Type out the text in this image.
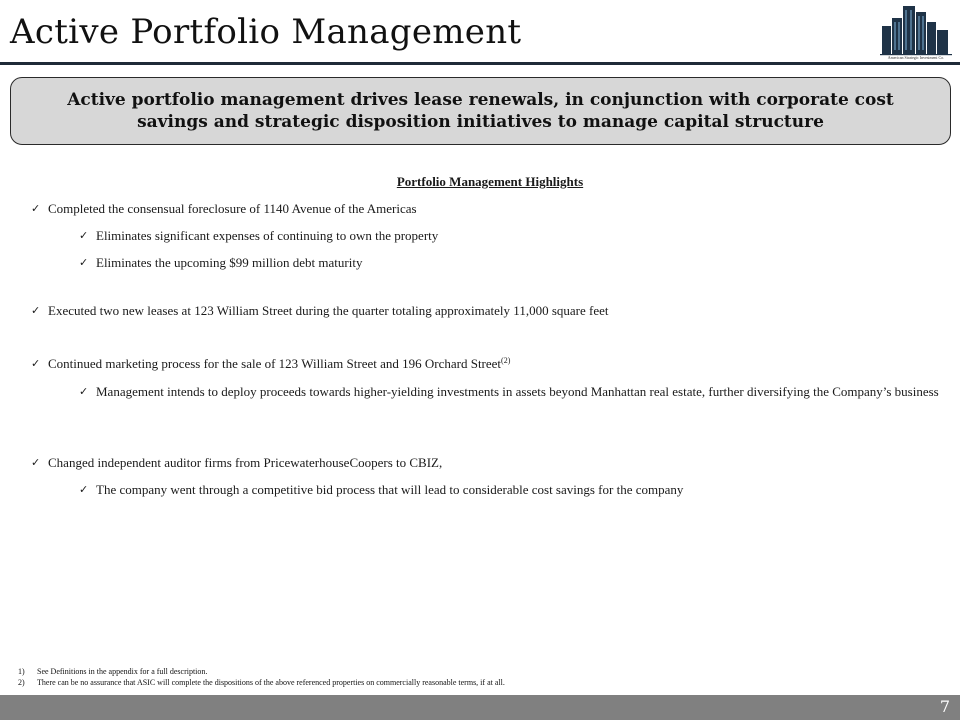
Active Portfolio Management
American Strategic Investment Co.
Active portfolio management drives lease renewals, in conjunction with corporate cost savings and strategic disposition initiatives to manage capital structure
Portfolio Management Highlights
✓ Completed the consensual foreclosure of 1140 Avenue of the Americas
✓ Eliminates significant expenses of continuing to own the property
✓ Eliminates the upcoming $99 million debt maturity
✓ Executed two new leases at 123 William Street during the quarter totaling approximately 11,000 square feet
✓ Continued marketing process for the sale of 123 William Street and 196 Orchard Street$^{(2)}$
✓ Management intends to deploy proceeds towards higher-yielding investments in assets beyond Manhattan real estate, further diversifying the Company’s business
✓ Changed independent auditor firms from PricewaterhouseCoopers to CBIZ,
✓ The company went through a competitive bid process that will lead to considerable cost savings for the company
1)	See Definitions in the appendix for a full description.
2)	There can be no assurance that ASIC will complete the dispositions of the above referenced properties on commercially reasonable terms, if at all.
7
